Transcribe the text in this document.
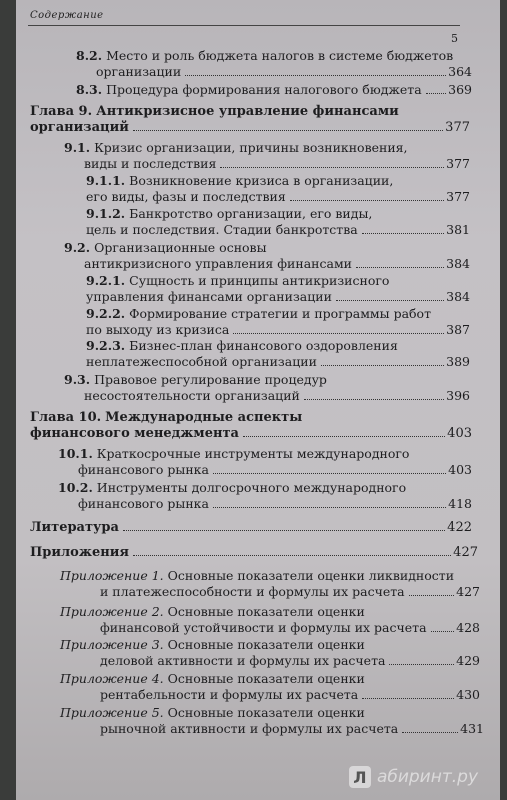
Содержание
5
8.2. Место и роль бюджета налогов в системе бюджетов
организации	364
8.3. Процедура формирования налогового бюджета 369
Глава 9. Антикризисное управление финансами
организаций	377
9.1. Кризис организации, причины возникновения,
виды и последствия	377
9.1.1. Возникновение кризиса в организации,
его виды, фазы и последствия	377
9.1.2. Банкротство организации, его виды,
цель и последствия. Стадии банкротства	381
9.2. Организационные основы
антикризисного управления финансами	384
9.2.1. Сущность и принципы антикризисного
управления финансами организации	384
9.2.2. Формирование стратегии и программы работ
по выходу из кризиса	387
9.2.3. Бизнес-план финансового оздоровления
неплатежеспособной организации	389
9.3. Правовое регулирование процедур
несостоятельности организаций	396
Глава 10. Международные аспекты
финансового менеджмента	403
10.1. Краткосрочные инструменты международного
финансового рынка	403
10.2. Инструменты долгосрочного международного
финансового рынка	418
Литература	422
Приложения	427
Приложение 1. Основные показатели оценки ликвидности
и платежеспособности и формулы их расчета	427
Приложение 2. Основные показатели оценки
финансовой устойчивости и формулы их расчета 428
Приложение 3. Основные показатели оценки
деловой активности и формулы их расчета	429
Приложение 4. Основные показатели оценки
рентабельности и формулы их расчета	430
Приложение 5. Основные показатели оценки
рыночной активности и формулы их расчета	431
Л абиринт.ру
